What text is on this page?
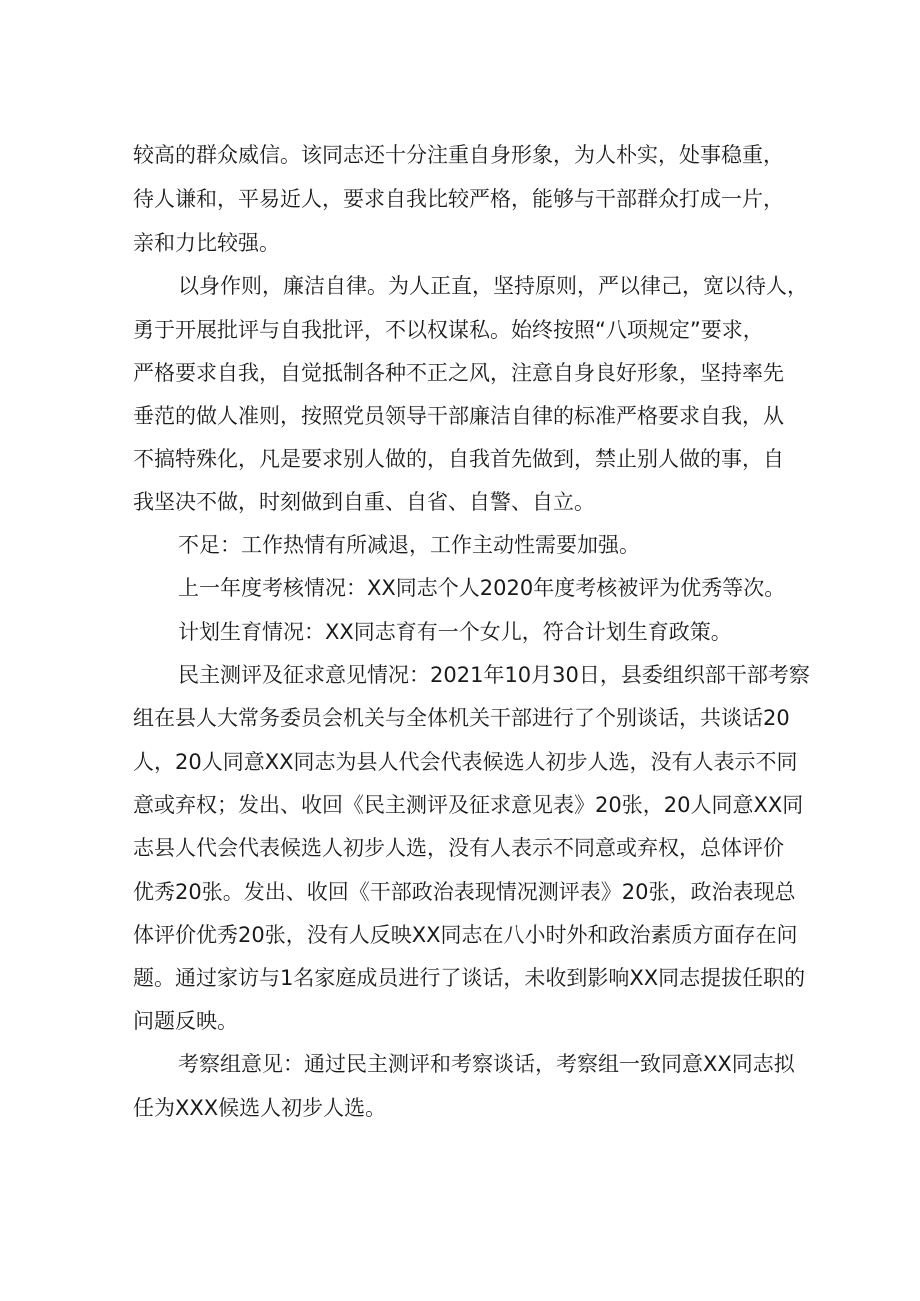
较高的群众威信。该同志还十分注重自身形象，为人朴实，处事稳重，
待人谦和，平易近人，要求自我比较严格，能够与干部群众打成一片，
亲和力比较强。
以身作则，廉洁自律。为人正直，坚持原则，严以律己，宽以待人，
勇于开展批评与自我批评，不以权谋私。始终按照“八项规定”要求，
严格要求自我，自觉抵制各种不正之风，注意自身良好形象，坚持率先
垂范的做人准则，按照党员领导干部廉洁自律的标准严格要求自我，从
不搞特殊化，凡是要求别人做的，自我首先做到，禁止别人做的事，自
我坚决不做，时刻做到自重、自省、自警、自立。
不足：工作热情有所减退，工作主动性需要加强。
上一年度考核情况：XX同志个人2020年度考核被评为优秀等次。
计划生育情况：XX同志育有一个女儿，符合计划生育政策。
民主测评及征求意见情况：2021年10月30日，县委组织部干部考察
组在县人大常务委员会机关与全体机关干部进行了个别谈话，共谈话20
人，20人同意XX同志为县人代会代表候选人初步人选，没有人表示不同
意或弃权；发出、收回《民主测评及征求意见表》20张，20人同意XX同
志县人代会代表候选人初步人选，没有人表示不同意或弃权，总体评价
优秀20张。发出、收回《干部政治表现情况测评表》20张，政治表现总
体评价优秀20张，没有人反映XX同志在八小时外和政治素质方面存在问
题。通过家访与1名家庭成员进行了谈话，未收到影响XX同志提拔任职的
问题反映。
考察组意见：通过民主测评和考察谈话，考察组一致同意XX同志拟
任为XXX候选人初步人选。
